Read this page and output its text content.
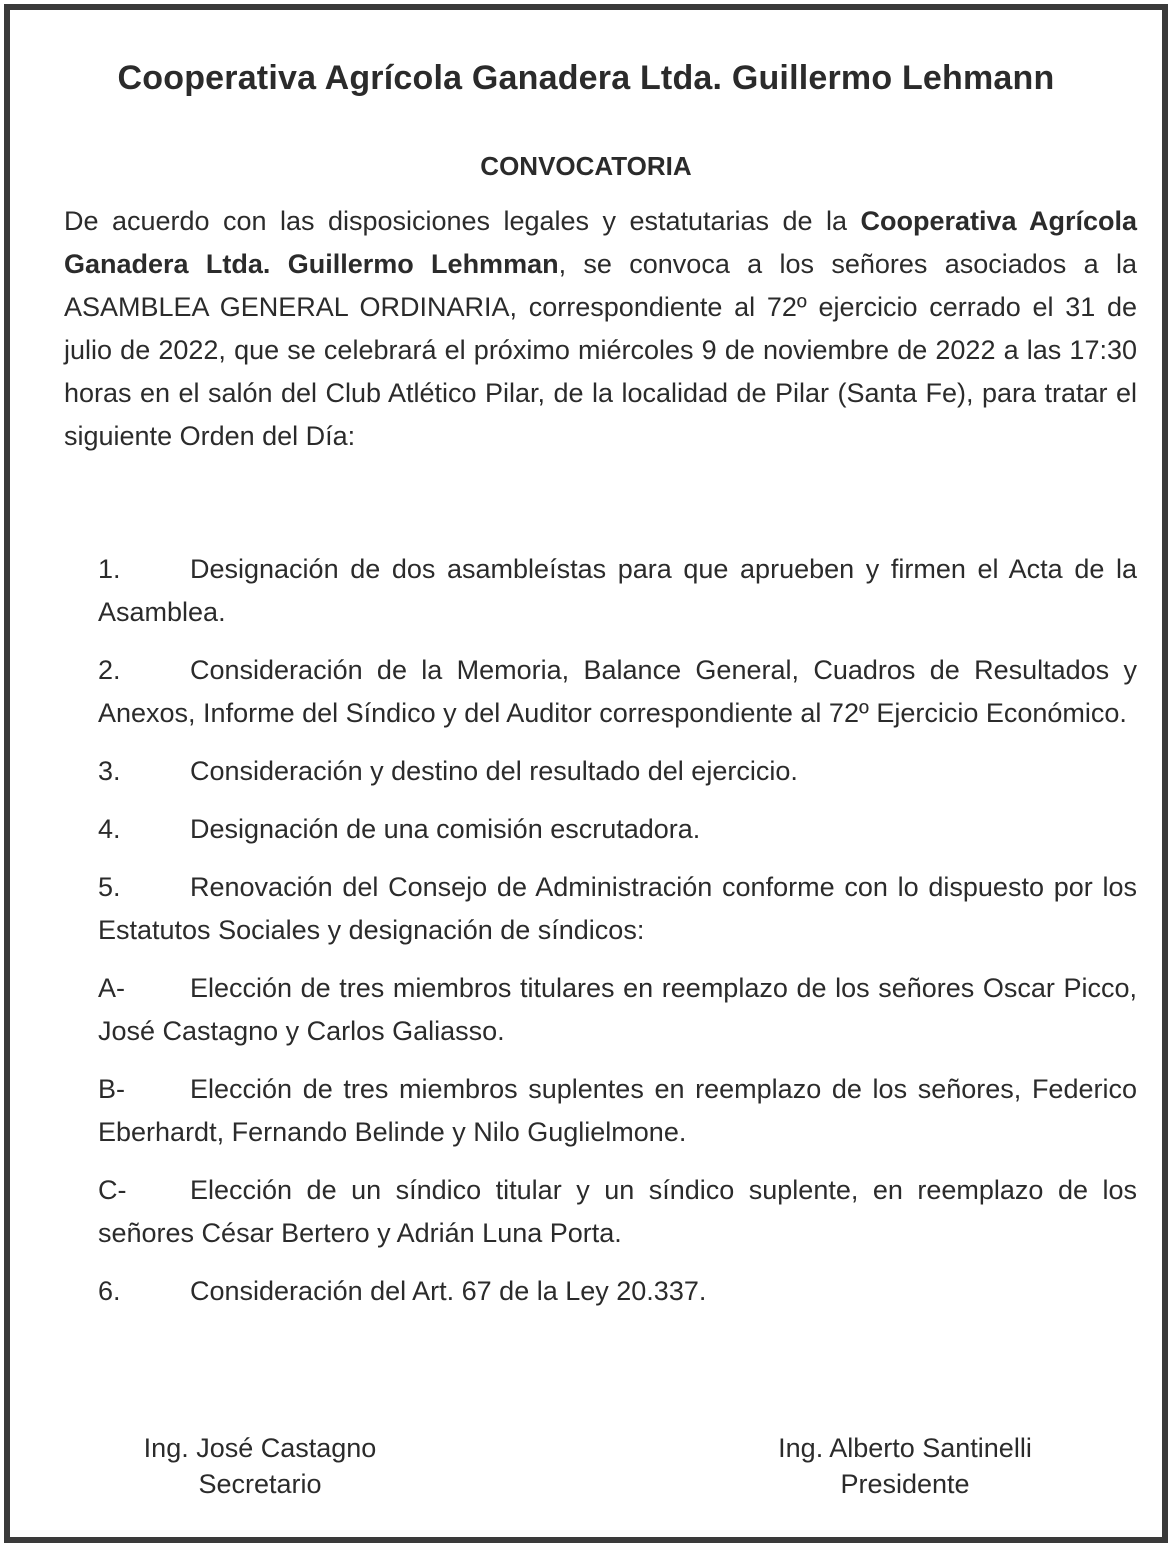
Cooperativa Agrícola Ganadera Ltda. Guillermo Lehmann
CONVOCATORIA
De acuerdo con las disposiciones legales y estatutarias de la Cooperativa Agrícola Ganadera Ltda. Guillermo Lehmman, se convoca a los señores asociados a la ASAMBLEA GENERAL ORDINARIA, correspondiente al 72º ejercicio cerrado el 31 de julio de 2022, que se celebrará el próximo miércoles 9 de noviembre de 2022 a las 17:30 horas en el salón del Club Atlético Pilar, de la localidad de Pilar (Santa Fe), para tratar el siguiente Orden del Día:
1.	Designación de dos asambleístas para que aprueben y firmen el Acta de la Asamblea.
2.	Consideración de la Memoria, Balance General, Cuadros de Resultados y Anexos, Informe del Síndico y del Auditor correspondiente al 72º Ejercicio Económico.
3.	Consideración y destino del resultado del ejercicio.
4.	Designación de una comisión escrutadora.
5.	Renovación del Consejo de Administración conforme con lo dispuesto por los Estatutos Sociales y designación de síndicos:
A- Elección de tres miembros titulares en reemplazo de los señores Oscar Picco, José Castagno y Carlos Galiasso.
B- Elección de tres miembros suplentes en reemplazo de los señores, Federico Eberhardt, Fernando Belinde y Nilo Guglielmone.
C- Elección de un síndico titular y un síndico suplente, en reemplazo de los señores César Bertero y Adrián Luna Porta.
6.	Consideración del Art. 67 de la Ley 20.337.
Ing. José Castagno
Secretario
Ing. Alberto Santinelli
Presidente
